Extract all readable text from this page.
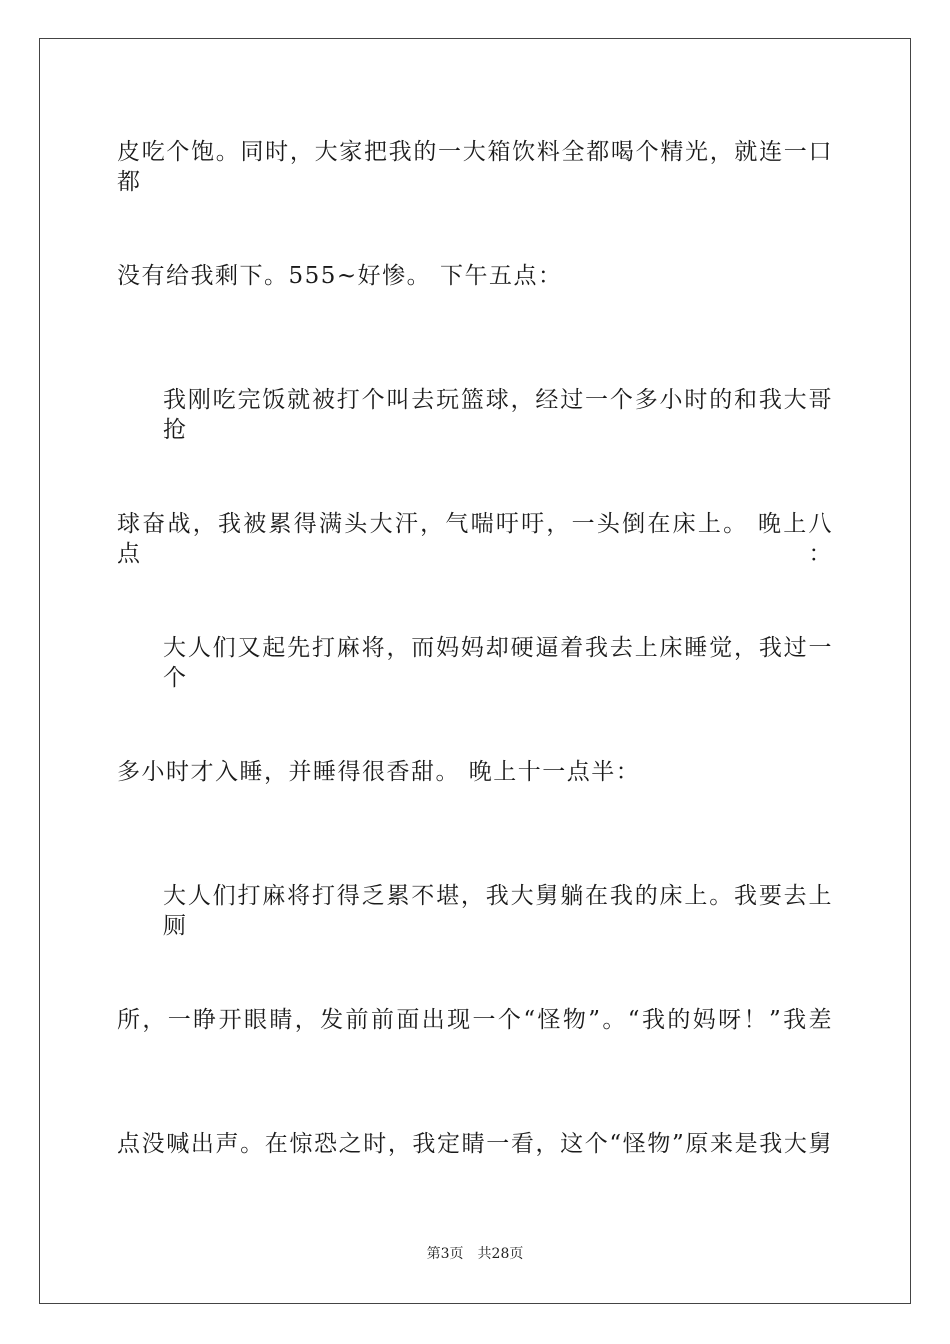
皮吃个饱。同时，大家把我的一大箱饮料全都喝个精光，就连一口都
没有给我剩下。555~好惨。 下午五点：
我刚吃完饭就被打个叫去玩篮球，经过一个多小时的和我大哥抢
球奋战，我被累得满头大汗，气喘吁吁，一头倒在床上。 晚上八点：
大人们又起先打麻将，而妈妈却硬逼着我去上床睡觉，我过一个
多小时才入睡，并睡得很香甜。 晚上十一点半：
大人们打麻将打得乏累不堪，我大舅躺在我的床上。我要去上厕
所，一睁开眼睛，发前前面出现一个“怪物”。“我的妈呀！”我差
点没喊出声。在惊恐之时，我定睛一看，这个“怪物”原来是我大舅
第3页 共28页
